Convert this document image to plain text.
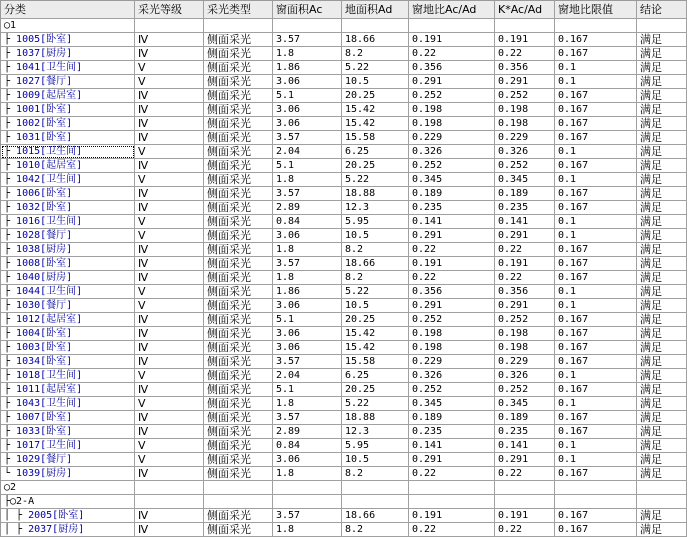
分类	采光等级	采光类型	窗面积Ac	地面积Ad	窗地比Ac/Ad	K*Ac/Ad	窗地比限值	结论
◯1
├ 1005[卧室]	Ⅳ	侧面采光	3.57	18.66	0.191	0.191	0.167	满足
├ 1037[厨房]	Ⅳ	侧面采光	1.8	8.2	0.22	0.22	0.167	满足
├ 1041[卫生间]	Ⅴ	侧面采光	1.86	5.22	0.356	0.356	0.1	满足
├ 1027[餐厅]	Ⅴ	侧面采光	3.06	10.5	0.291	0.291	0.1	满足
├ 1009[起居室]	Ⅳ	侧面采光	5.1	20.25	0.252	0.252	0.167	满足
├ 1001[卧室]	Ⅳ	侧面采光	3.06	15.42	0.198	0.198	0.167	满足
├ 1002[卧室]	Ⅳ	侧面采光	3.06	15.42	0.198	0.198	0.167	满足
├ 1031[卧室]	Ⅳ	侧面采光	3.57	15.58	0.229	0.229	0.167	满足
├ 1015[卫生间]	Ⅴ	侧面采光	2.04	6.25	0.326	0.326	0.1	满足
├ 1010[起居室]	Ⅳ	侧面采光	5.1	20.25	0.252	0.252	0.167	满足
├ 1042[卫生间]	Ⅴ	侧面采光	1.8	5.22	0.345	0.345	0.1	满足
├ 1006[卧室]	Ⅳ	侧面采光	3.57	18.88	0.189	0.189	0.167	满足
├ 1032[卧室]	Ⅳ	侧面采光	2.89	12.3	0.235	0.235	0.167	满足
├ 1016[卫生间]	Ⅴ	侧面采光	0.84	5.95	0.141	0.141	0.1	满足
├ 1028[餐厅]	Ⅴ	侧面采光	3.06	10.5	0.291	0.291	0.1	满足
├ 1038[厨房]	Ⅳ	侧面采光	1.8	8.2	0.22	0.22	0.167	满足
├ 1008[卧室]	Ⅳ	侧面采光	3.57	18.66	0.191	0.191	0.167	满足
├ 1040[厨房]	Ⅳ	侧面采光	1.8	8.2	0.22	0.22	0.167	满足
├ 1044[卫生间]	Ⅴ	侧面采光	1.86	5.22	0.356	0.356	0.1	满足
├ 1030[餐厅]	Ⅴ	侧面采光	3.06	10.5	0.291	0.291	0.1	满足
├ 1012[起居室]	Ⅳ	侧面采光	5.1	20.25	0.252	0.252	0.167	满足
├ 1004[卧室]	Ⅳ	侧面采光	3.06	15.42	0.198	0.198	0.167	满足
├ 1003[卧室]	Ⅳ	侧面采光	3.06	15.42	0.198	0.198	0.167	满足
├ 1034[卧室]	Ⅳ	侧面采光	3.57	15.58	0.229	0.229	0.167	满足
├ 1018[卫生间]	Ⅴ	侧面采光	2.04	6.25	0.326	0.326	0.1	满足
├ 1011[起居室]	Ⅳ	侧面采光	5.1	20.25	0.252	0.252	0.167	满足
├ 1043[卫生间]	Ⅴ	侧面采光	1.8	5.22	0.345	0.345	0.1	满足
├ 1007[卧室]	Ⅳ	侧面采光	3.57	18.88	0.189	0.189	0.167	满足
├ 1033[卧室]	Ⅳ	侧面采光	2.89	12.3	0.235	0.235	0.167	满足
├ 1017[卫生间]	Ⅴ	侧面采光	0.84	5.95	0.141	0.141	0.1	满足
├ 1029[餐厅]	Ⅴ	侧面采光	3.06	10.5	0.291	0.291	0.1	满足
└ 1039[厨房]	Ⅳ	侧面采光	1.8	8.2	0.22	0.22	0.167	满足
◯2
├◯2-A
│ ├ 2005[卧室]	Ⅳ	侧面采光	3.57	18.66	0.191	0.191	0.167	满足
│ ├ 2037[厨房]	Ⅳ	侧面采光	1.8	8.2	0.22	0.22	0.167	满足
